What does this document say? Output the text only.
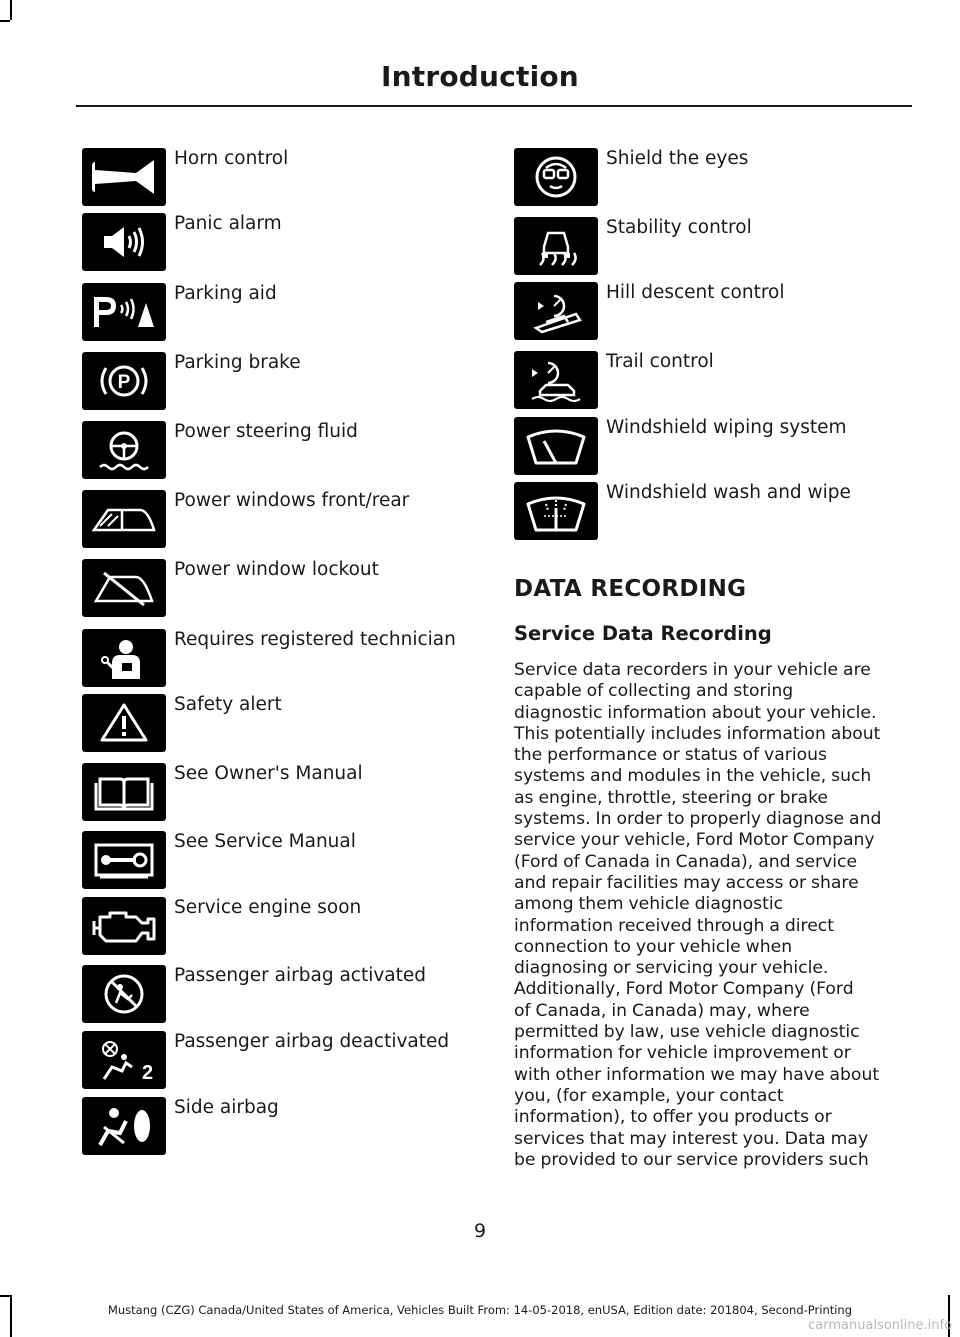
Introduction
Horn control
Panic alarm
Parking aid
P
Parking brake
Power steering fluid
Power windows front/rear
Power window lockout
Requires registered technician
Safety alert
See Owner's Manual
See Service Manual
Service engine soon
Passenger airbag activated
2
Passenger airbag deactivated
Side airbag
Shield the eyes
Stability control
Hill descent control
Trail control
Windshield wiping system
Windshield wash and wipe
DATA RECORDING
Service Data Recording
Service data recorders in your vehicle are
capable of collecting and storing
diagnostic information about your vehicle.
This potentially includes information about
the performance or status of various
systems and modules in the vehicle, such
as engine, throttle, steering or brake
systems. In order to properly diagnose and
service your vehicle, Ford Motor Company
(Ford of Canada in Canada), and service
and repair facilities may access or share
among them vehicle diagnostic
information received through a direct
connection to your vehicle when
diagnosing or servicing your vehicle.
Additionally, Ford Motor Company (Ford
of Canada, in Canada) may, where
permitted by law, use vehicle diagnostic
information for vehicle improvement or
with other information we may have about
you, (for example, your contact
information), to offer you products or
services that may interest you. Data may
be provided to our service providers such
9
Mustang (CZG) Canada/United States of America, Vehicles Built From: 14-05-2018, enUSA, Edition date: 201804, Second-Printing
carmanualsonline.info
